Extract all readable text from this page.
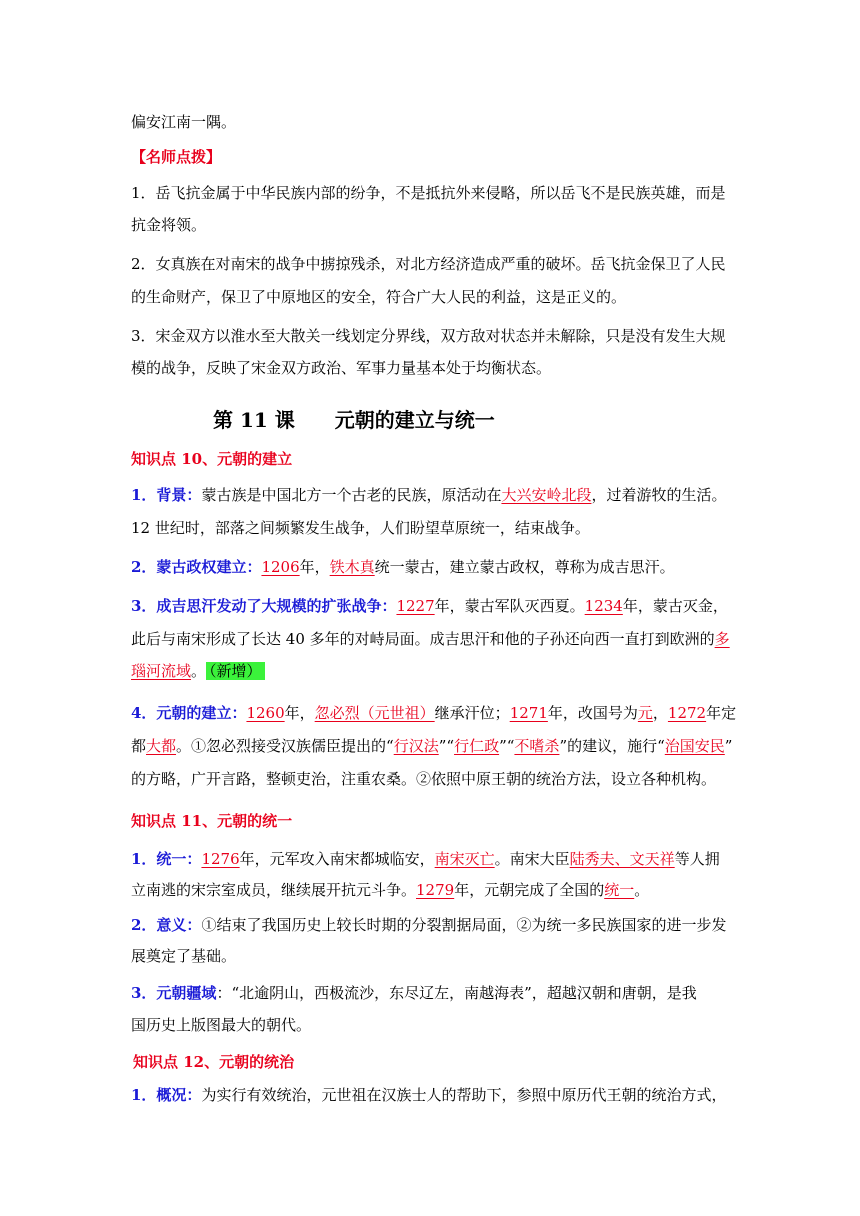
偏安江南一隅。
【名师点拨】
1．岳飞抗金属于中华民族内部的纷争，不是抵抗外来侵略，所以岳飞不是民族英雄，而是
抗金将领。
2．女真族在对南宋的战争中掳掠残杀，对北方经济造成严重的破坏。岳飞抗金保卫了人民
的生命财产，保卫了中原地区的安全，符合广大人民的利益，这是正义的。
3．宋金双方以淮水至大散关一线划定分界线，双方敌对状态并未解除，只是没有发生大规
模的战争，反映了宋金双方政治、军事力量基本处于均衡状态。
第 11 课 元朝的建立与统一
知识点 10、元朝的建立
1．背景：蒙古族是中国北方一个古老的民族，原活动在大兴安岭北段，过着游牧的生活。
12 世纪时，部落之间频繁发生战争，人们盼望草原统一，结束战争。
2．蒙古政权建立：1206年，铁木真统一蒙古，建立蒙古政权，尊称为成吉思汗。
3．成吉思汗发动了大规模的扩张战争：1227年，蒙古军队灭西夏。1234年，蒙古灭金，
此后与南宋形成了长达 40 多年的对峙局面。成吉思汗和他的子孙还向西一直打到欧洲的多
瑙河流域。 （新增）
4．元朝的建立：1260年，忽必烈（元世祖）继承汗位；1271年，改国号为元，1272年定
都大都。①忽必烈接受汉族儒臣提出的“行汉法”“行仁政”“不嗜杀”的建议，施行“治国安民”
的方略，广开言路，整顿吏治，注重农桑。②依照中原王朝的统治方法，设立各种机构。
知识点 11、元朝的统一
1．统一：1276年，元军攻入南宋都城临安，南宋灭亡。南宋大臣陆秀夫、文天祥等人拥
立南逃的宋宗室成员，继续展开抗元斗争。1279年，元朝完成了全国的统一。
2．意义：①结束了我国历史上较长时期的分裂割据局面，②为统一多民族国家的进一步发
展奠定了基础。
3．元朝疆域：“北逾阴山，西极流沙，东尽辽左，南越海表”，超越汉朝和唐朝，是我
国历史上版图最大的朝代。
知识点 12、元朝的统治
1．概况：为实行有效统治，元世祖在汉族士人的帮助下，参照中原历代王朝的统治方式，
